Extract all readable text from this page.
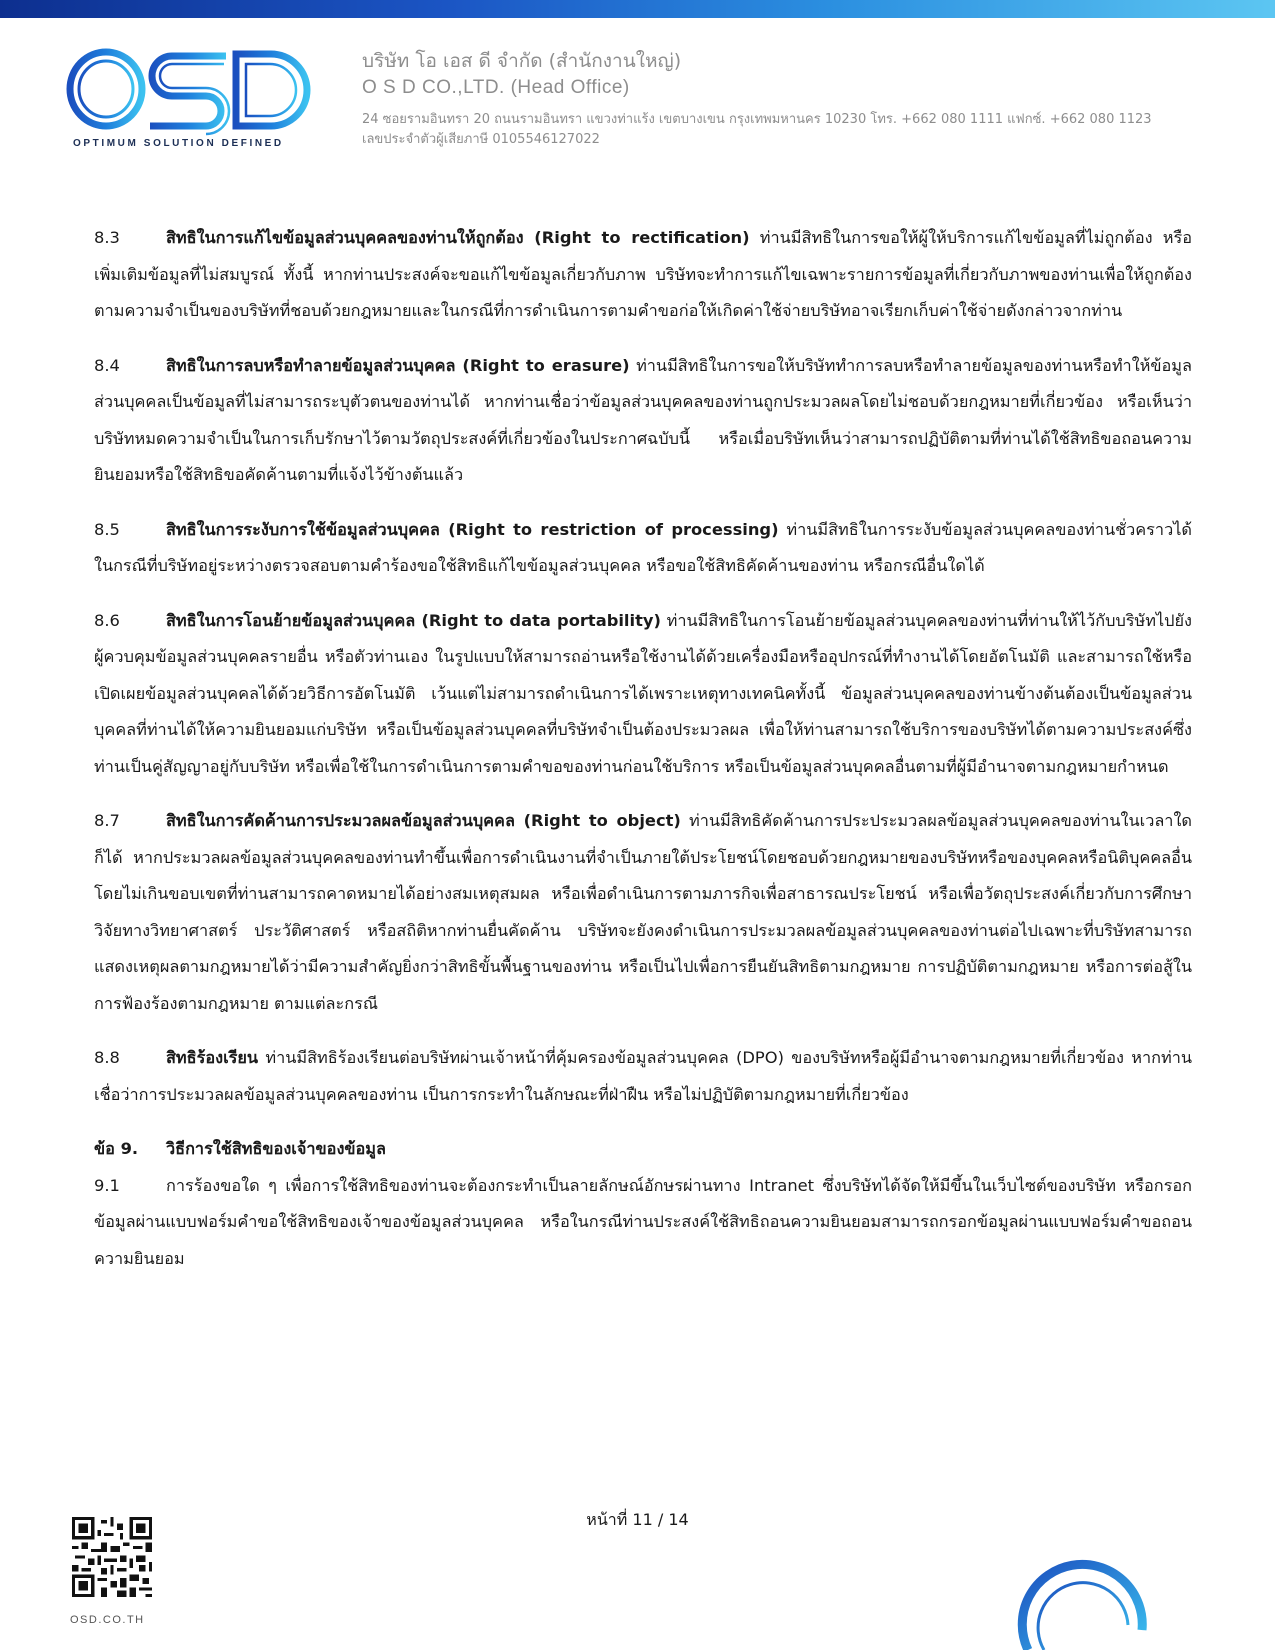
OPTIMUM SOLUTION DEFINED
บริษัท โอ เอส ดี จำกัด (สำนักงานใหญ่)
O S D CO.,LTD. (Head Office)
24 ซอยรามอินทรา 20 ถนนรามอินทรา แขวงท่าแร้ง เขตบางเขน กรุงเทพมหานคร 10230 โทร. +662 080 1111 แฟกซ์. +662 080 1123
เลขประจำตัวผู้เสียภาษี 0105546127022

8.3	สิทธิในการแก้ไขข้อมูลส่วนบุคคลของท่านให้ถูกต้อง (Right to rectification) ท่านมีสิทธิในการขอให้ผู้ให้บริการแก้ไขข้อมูลที่ไม่ถูกต้อง หรือ เพิ่มเติมข้อมูลที่ไม่สมบูรณ์ ทั้งนี้ หากท่านประสงค์จะขอแก้ไขข้อมูลเกี่ยวกับภาพ บริษัทจะทำการแก้ไขเฉพาะรายการข้อมูลที่เกี่ยวกับภาพของท่านเพื่อให้ถูกต้อง ตามความจำเป็นของบริษัทที่ชอบด้วยกฎหมายและในกรณีที่การดำเนินการตามคำขอก่อให้เกิดค่าใช้จ่ายบริษัทอาจเรียกเก็บค่าใช้จ่ายดังกล่าวจากท่าน

8.4	สิทธิในการลบหรือทำลายข้อมูลส่วนบุคคล (Right to erasure) ท่านมีสิทธิในการขอให้บริษัททำการลบหรือทำลายข้อมูลของท่านหรือทำให้ข้อมูลส่วนบุคคลเป็นข้อมูลที่ไม่สามารถระบุตัวตนของท่านได้ หากท่านเชื่อว่าข้อมูลส่วนบุคคลของท่านถูกประมวลผลโดยไม่ชอบด้วยกฎหมายที่เกี่ยวข้อง หรือเห็นว่าบริษัทหมดความจำเป็นในการเก็บรักษาไว้ตามวัตถุประสงค์ที่เกี่ยวข้องในประกาศฉบับนี้ หรือเมื่อบริษัทเห็นว่าสามารถปฏิบัติตามที่ท่านได้ใช้สิทธิขอถอนความยินยอมหรือใช้สิทธิขอคัดค้านตามที่แจ้งไว้ข้างต้นแล้ว

8.5	สิทธิในการระงับการใช้ข้อมูลส่วนบุคคล (Right to restriction of processing) ท่านมีสิทธิในการระงับข้อมูลส่วนบุคคลของท่านชั่วคราวได้ ในกรณีที่บริษัทอยู่ระหว่างตรวจสอบตามคำร้องขอใช้สิทธิแก้ไขข้อมูลส่วนบุคคล หรือขอใช้สิทธิคัดค้านของท่าน หรือกรณีอื่นใดได้

8.6	สิทธิในการโอนย้ายข้อมูลส่วนบุคคล (Right to data portability) ท่านมีสิทธิในการโอนย้ายข้อมูลส่วนบุคคลของท่านที่ท่านให้ไว้กับบริษัทไปยังผู้ควบคุมข้อมูลส่วนบุคคลรายอื่น หรือตัวท่านเอง ในรูปแบบให้สามารถอ่านหรือใช้งานได้ด้วยเครื่องมือหรืออุปกรณ์ที่ทำงานได้โดยอัตโนมัติ และสามารถใช้หรือเปิดเผยข้อมูลส่วนบุคคลได้ด้วยวิธีการอัตโนมัติ เว้นแต่ไม่สามารถดำเนินการได้เพราะเหตุทางเทคนิคทั้งนี้ ข้อมูลส่วนบุคคลของท่านข้างต้นต้องเป็นข้อมูลส่วนบุคคลที่ท่านได้ให้ความยินยอมแก่บริษัท หรือเป็นข้อมูลส่วนบุคคลที่บริษัทจำเป็นต้องประมวลผล เพื่อให้ท่านสามารถใช้บริการของบริษัทได้ตามความประสงค์ซึ่งท่านเป็นคู่สัญญาอยู่กับบริษัท หรือเพื่อใช้ในการดำเนินการตามคำขอของท่านก่อนใช้บริการ หรือเป็นข้อมูลส่วนบุคคลอื่นตามที่ผู้มีอำนาจตามกฎหมายกำหนด

8.7	สิทธิในการคัดค้านการประมวลผลข้อมูลส่วนบุคคล (Right to object) ท่านมีสิทธิคัดค้านการประประมวลผลข้อมูลส่วนบุคคลของท่านในเวลาใดก็ได้ หากประมวลผลข้อมูลส่วนบุคคลของท่านทำขึ้นเพื่อการดำเนินงานที่จำเป็นภายใต้ประโยชน์โดยชอบด้วยกฎหมายของบริษัทหรือของบุคคลหรือนิติบุคคลอื่นโดยไม่เกินขอบเขตที่ท่านสามารถคาดหมายได้อย่างสมเหตุสมผล หรือเพื่อดำเนินการตามภารกิจเพื่อสาธารณประโยชน์ หรือเพื่อวัตถุประสงค์เกี่ยวกับการศึกษาวิจัยทางวิทยาศาสตร์ ประวัติศาสตร์ หรือสถิติหากท่านยื่นคัดค้าน บริษัทจะยังคงดำเนินการประมวลผลข้อมูลส่วนบุคคลของท่านต่อไปเฉพาะที่บริษัทสามารถแสดงเหตุผลตามกฎหมายได้ว่ามีความสำคัญยิ่งกว่าสิทธิขั้นพื้นฐานของท่าน หรือเป็นไปเพื่อการยืนยันสิทธิตามกฎหมาย การปฏิบัติตามกฎหมาย หรือการต่อสู้ในการฟ้องร้องตามกฎหมาย ตามแต่ละกรณี

8.8	สิทธิร้องเรียน ท่านมีสิทธิร้องเรียนต่อบริษัทผ่านเจ้าหน้าที่คุ้มครองข้อมูลส่วนบุคคล (DPO) ของบริษัทหรือผู้มีอำนาจตามกฎหมายที่เกี่ยวข้อง หากท่านเชื่อว่าการประมวลผลข้อมูลส่วนบุคคลของท่าน เป็นการกระทำในลักษณะที่ฝ่าฝืน หรือไม่ปฏิบัติตามกฎหมายที่เกี่ยวข้อง

ข้อ 9. วิธีการใช้สิทธิของเจ้าของข้อมูล

9.1	การร้องขอใด ๆ เพื่อการใช้สิทธิของท่านจะต้องกระทำเป็นลายลักษณ์อักษรผ่านทาง Intranet ซึ่งบริษัทได้จัดให้มีขึ้นในเว็บไซต์ของบริษัท หรือกรอกข้อมูลผ่านแบบฟอร์มคำขอใช้สิทธิของเจ้าของข้อมูลส่วนบุคคล หรือในกรณีท่านประสงค์ใช้สิทธิถอนความยินยอมสามารถกรอกข้อมูลผ่านแบบฟอร์มคำขอถอนความยินยอม

หน้าที่ 11 / 14
OSD.CO.TH
